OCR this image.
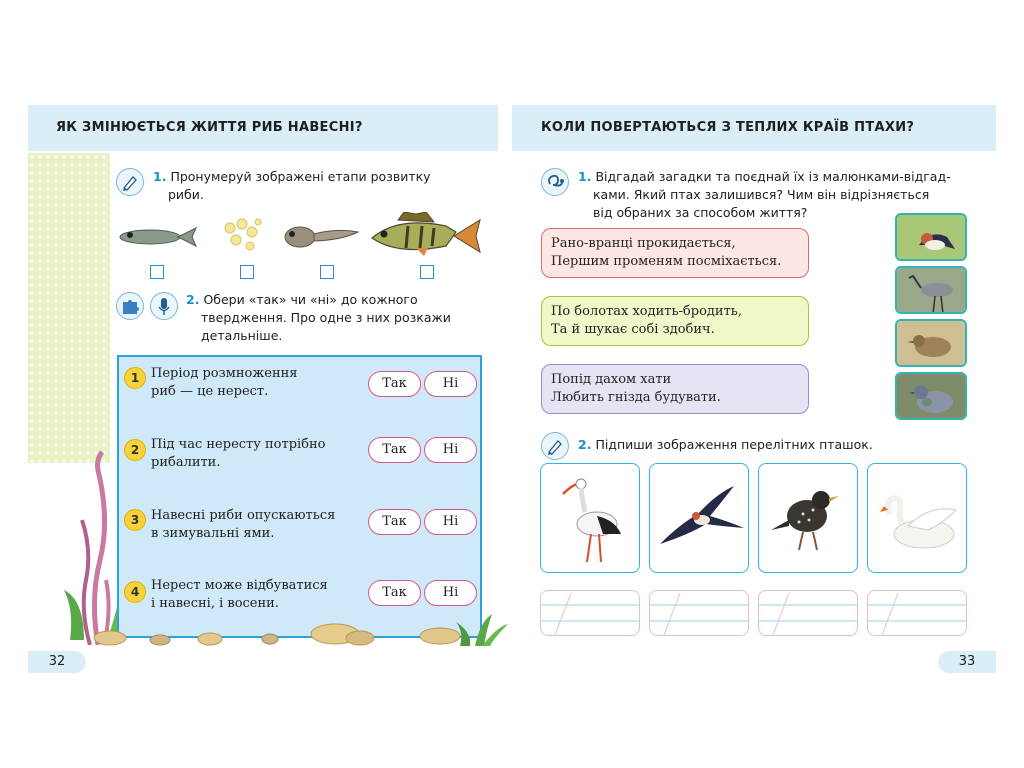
ЯК ЗМІНЮЄТЬСЯ ЖИТТЯ РИБ НАВЕСНІ?
1. Пронумеруй зображені етапи розвитку
риби.
2. Обери «так» чи «ні» до кожного
твердження. Про одне з них розкажи
детальніше.
1 Період розмноження
риб — це нерест.
Так	Ні
2 Під час нересту потрібно
рибалити.
Так	Ні
3 Навесні риби опускаються
в зимувальні ями.
Так	Ні
4 Нерест може відбуватися
і навесні, і восени.
Так	Ні
32
КОЛИ ПОВЕРТАЮТЬСЯ З ТЕПЛИХ КРАЇВ ПТАХИ?
1. Відгадай загадки та поєднай їх із малюнками-відгад-
ками. Який птах залишився? Чим він відрізняється
від обраних за способом життя?
Рано-вранці прокидається,
Першим променям посміхається.
По болотах ходить-бродить,
Та й шукає собі здобич.
Попід дахом хати
Любить гнізда будувати.
2. Підпиши зображення перелітних пташок.
33
